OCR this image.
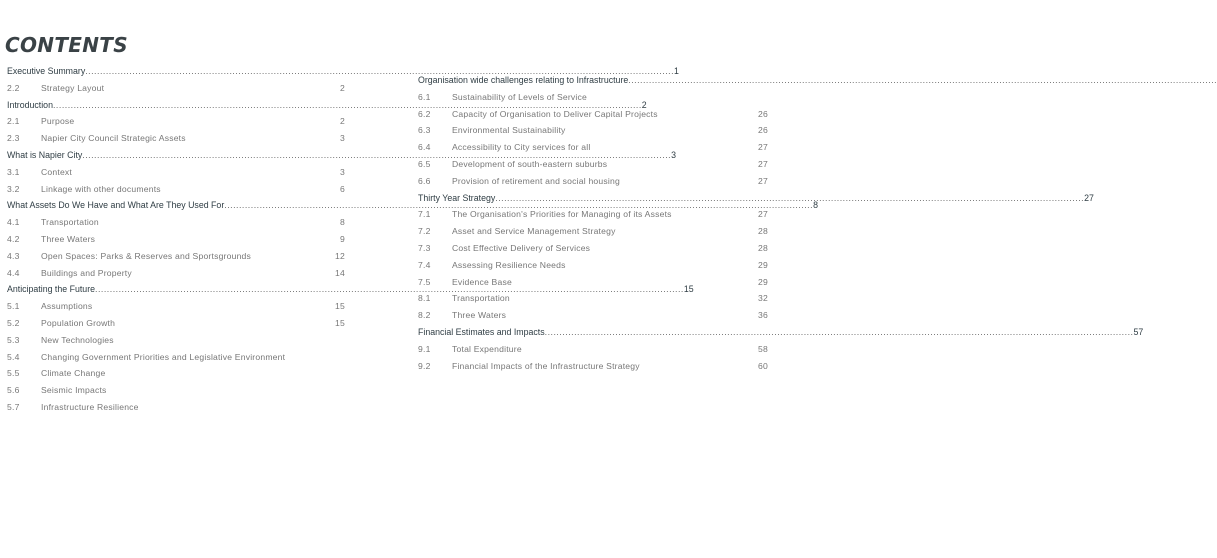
CONTENTS
Executive Summary ........................................................................................................................................................................................................ 1
2.2 Strategy Layout	2
Introduction ........................................................................................................................................................................................................ 2
2.1 Purpose	2
2.3 Napier City Council Strategic Assets	3
What is Napier City ........................................................................................................................................................................................................ 3
3.1 Context	3
3.2 Linkage with other documents	6
What Assets Do We Have and What Are They Used For ........................................................................................................................................................................................................ 8
4.1 Transportation	8
4.2 Three Waters	9
4.3 Open Spaces: Parks & Reserves and Sportsgrounds	12
4.4 Buildings and Property	14
Anticipating the Future ........................................................................................................................................................................................................ 15
5.1 Assumptions	15
5.2 Population Growth	15
5.3 New Technologies
5.4 Changing Government Priorities and Legislative Environment
5.5 Climate Change
5.6 Seismic Impacts
5.7 Infrastructure Resilience
Organisation wide challenges relating to Infrastructure ........................................................................................................................................................................................................
6.1 Sustainability of Levels of Service
6.2 Capacity of Organisation to Deliver Capital Projects	26
6.3 Environmental Sustainability	26
6.4 Accessibility to City services for all	27
6.5 Development of south-eastern suburbs	27
6.6 Provision of retirement and social housing	27
Thirty Year Strategy ........................................................................................................................................................................................................ 27
7.1 The Organisation's Priorities for Managing of its Assets	27
7.2 Asset and Service Management Strategy	28
7.3 Cost Effective Delivery of Services	28
7.4 Assessing Resilience Needs	29
7.5 Evidence Base	29
8.1 Transportation	32
8.2 Three Waters	36
Financial Estimates and Impacts ........................................................................................................................................................................................................ 57
9.1 Total Expenditure	58
9.2 Financial Impacts of the Infrastructure Strategy	60
